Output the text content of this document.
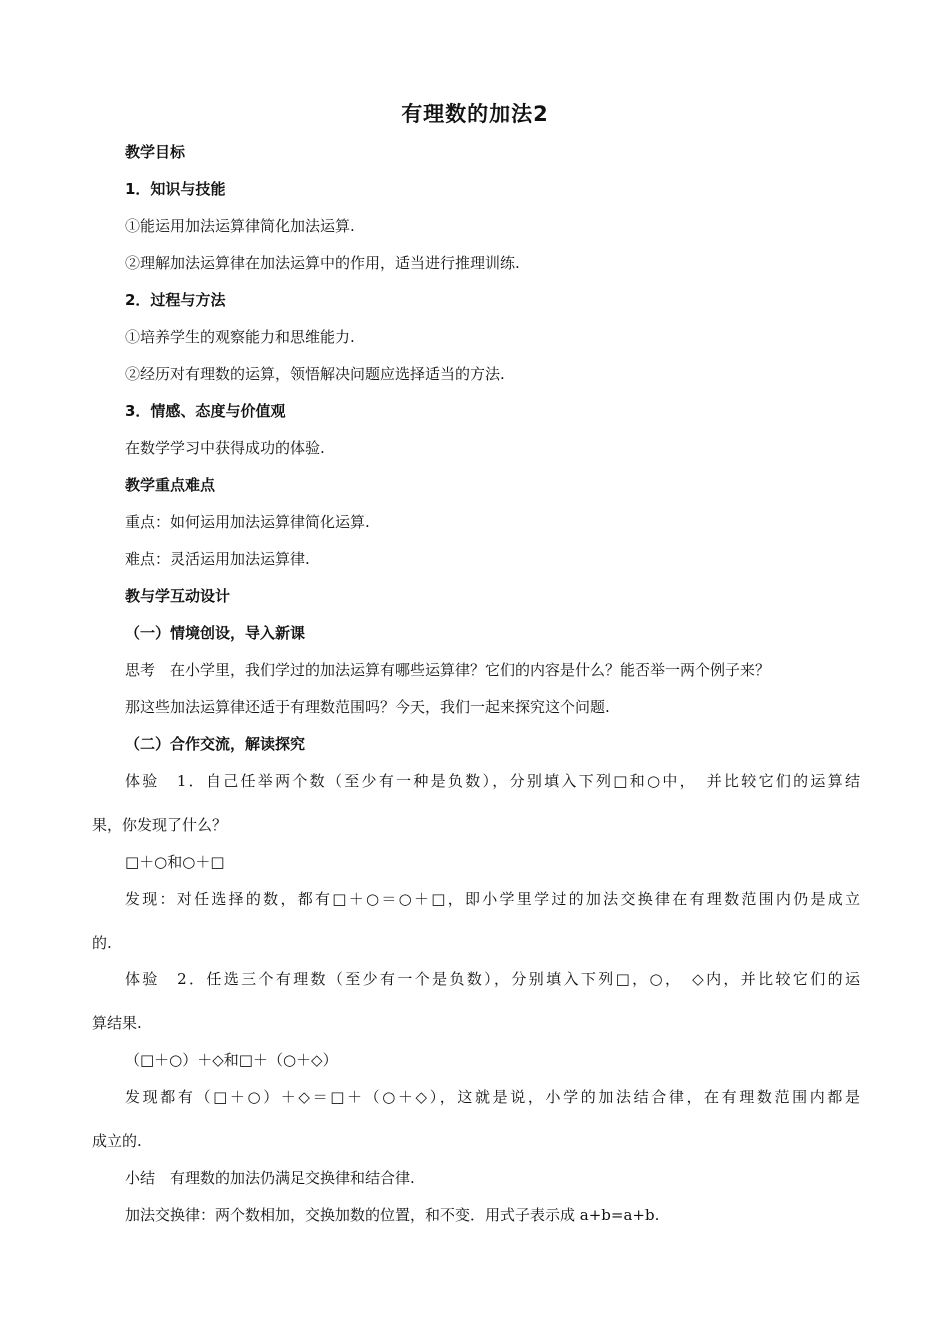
有理数的加法2
教学目标
1．知识与技能
①能运用加法运算律简化加法运算.
②理解加法运算律在加法运算中的作用，适当进行推理训练.
2．过程与方法
①培养学生的观察能力和思维能力.
②经历对有理数的运算，领悟解决问题应选择适当的方法.
3．情感、态度与价值观
在数学学习中获得成功的体验.
教学重点难点
重点：如何运用加法运算律简化运算.
难点：灵活运用加法运算律.
教与学互动设计
（一）情境创设，导入新课
思考　在小学里，我们学过的加法运算有哪些运算律？它们的内容是什么？能否举一两个例子来？
那这些加法运算律还适于有理数范围吗？今天，我们一起来探究这个问题.
（二）合作交流，解读探究
体验　1．自己任举两个数（至少有一种是负数），分别填入下列□和○中，　并比较它们的运算结
果，你发现了什么？
□＋○和○＋□
发现：对任选择的数，都有□＋○＝○＋□，即小学里学过的加法交换律在有理数范围内仍是成立
的.
体验　2．任选三个有理数（至少有一个是负数），分别填入下列□，○，　◇内，并比较它们的运
算结果.
（□＋○）＋◇和□＋（○＋◇）
发现都有（□＋○）＋◇＝□＋（○＋◇），这就是说，小学的加法结合律，在有理数范围内都是
成立的.
小结　有理数的加法仍满足交换律和结合律.
加法交换律：两个数相加，交换加数的位置，和不变．用式子表示成 a+b=a+b.
